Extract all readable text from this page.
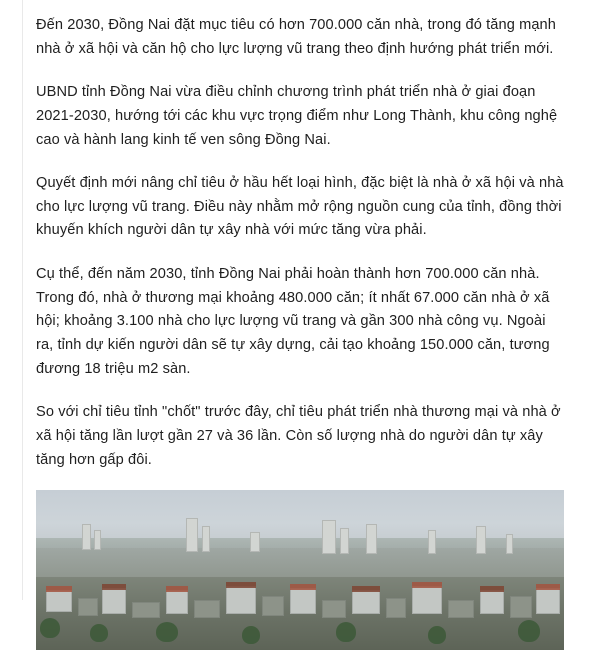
Đến 2030, Đồng Nai đặt mục tiêu có hơn 700.000 căn nhà, trong đó tăng mạnh nhà ở xã hội và căn hộ cho lực lượng vũ trang theo định hướng phát triển mới.

UBND tỉnh Đồng Nai vừa điều chỉnh chương trình phát triển nhà ở giai đoạn 2021-2030, hướng tới các khu vực trọng điểm như Long Thành, khu công nghệ cao và hành lang kinh tế ven sông Đồng Nai.

Quyết định mới nâng chỉ tiêu ở hầu hết loại hình, đặc biệt là nhà ở xã hội và nhà cho lực lượng vũ trang. Điều này nhằm mở rộng nguồn cung của tỉnh, đồng thời khuyến khích người dân tự xây nhà với mức tăng vừa phải.

Cụ thể, đến năm 2030, tỉnh Đồng Nai phải hoàn thành hơn 700.000 căn nhà. Trong đó, nhà ở thương mại khoảng 480.000 căn; ít nhất 67.000 căn nhà ở xã hội; khoảng 3.100 nhà cho lực lượng vũ trang và gần 300 nhà công vụ. Ngoài ra, tỉnh dự kiến người dân sẽ tự xây dựng, cải tạo khoảng 150.000 căn, tương đương 18 triệu m2 sàn.

So với chỉ tiêu tỉnh "chốt" trước đây, chỉ tiêu phát triển nhà thương mại và nhà ở xã hội tăng lần lượt gần 27 và 36 lần. Còn số lượng nhà do người dân tự xây tăng hơn gấp đôi.
